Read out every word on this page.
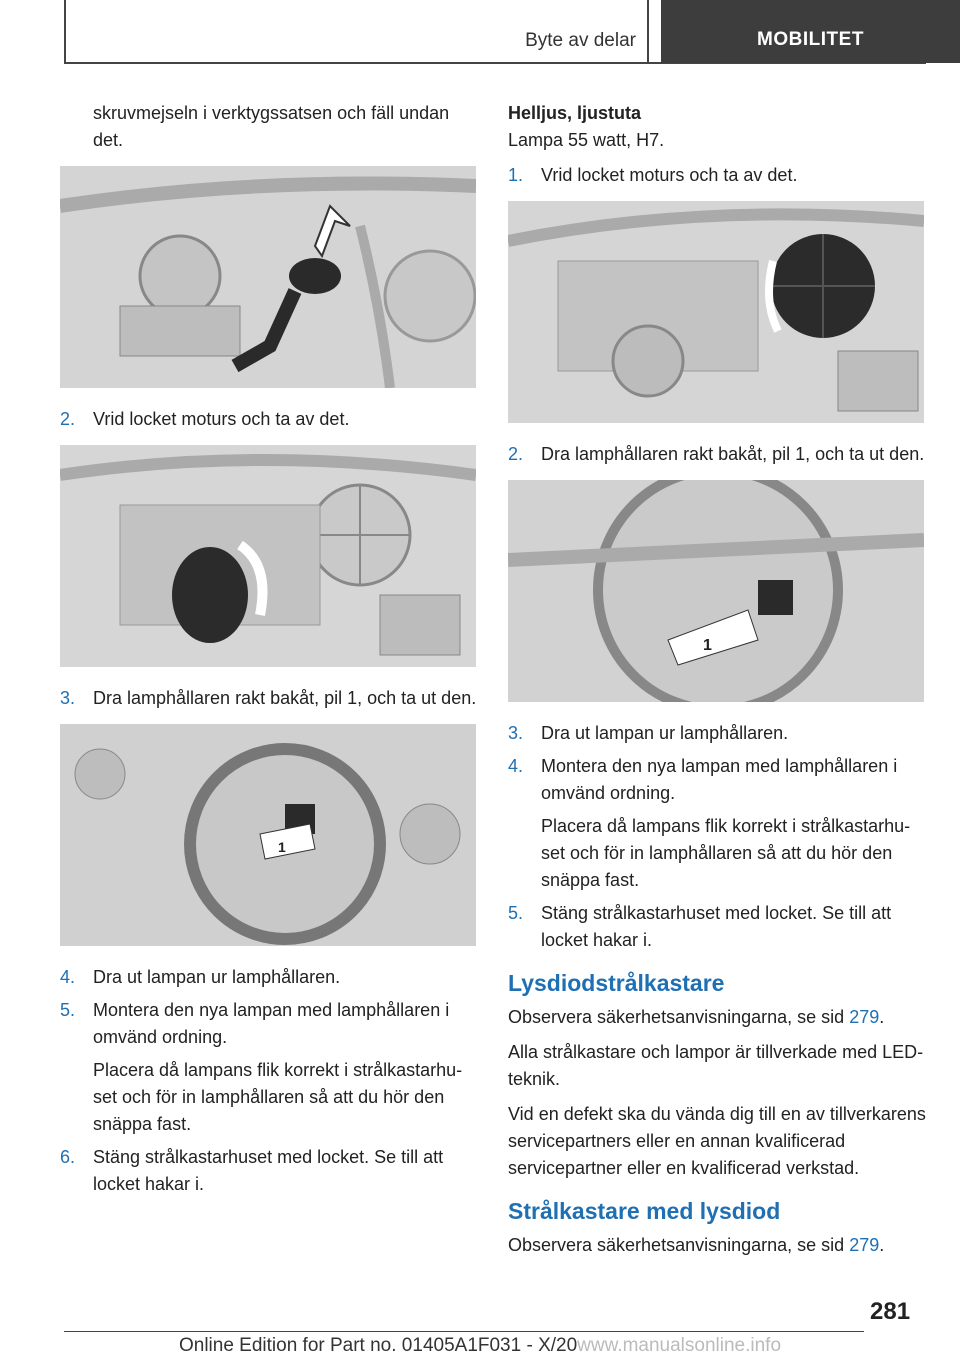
Byte av delar	MOBILITET

skruvmejseln i verktygssatsen och fäll undan det.

2. Vrid locket moturs och ta av det.
3. Dra lamphållaren rakt bakåt, pil 1, och ta ut den.
1
4. Dra ut lampan ur lamphållaren.
5. Montera den nya lampan med lamphållaren i omvänd ordning.

Placera då lampans flik korrekt i strålkastarhuset och för in lamphållaren så att du hör den snäppa fast.

6. Stäng strålkastarhuset med locket. Se till att locket hakar i.

Helljus, ljustuta

Lampa 55 watt, H7.

1. Vrid locket moturs och ta av det.
2. Dra lamphållaren rakt bakåt, pil 1, och ta ut den.
1
3. Dra ut lampan ur lamphållaren.
4. Montera den nya lampan med lamphållaren i omvänd ordning.

Placera då lampans flik korrekt i strålkastarhuset och för in lamphållaren så att du hör den snäppa fast.

5. Stäng strålkastarhuset med locket. Se till att locket hakar i.
Lysdiodstrålkastare

Observera säkerhetsanvisningarna, se sid 279.

Alla strålkastare och lampor är tillverkade med LED-teknik.

Vid en defekt ska du vända dig till en av tillverkarens servicepartners eller en annan kvalificerad servicepartner eller en kvalificerad verkstad.

Strålkastare med lysdiod

Observera säkerhetsanvisningarna, se sid 279.

281
Online Edition for Part no. 01405A1F031 - X/20www.manualsonline.info
